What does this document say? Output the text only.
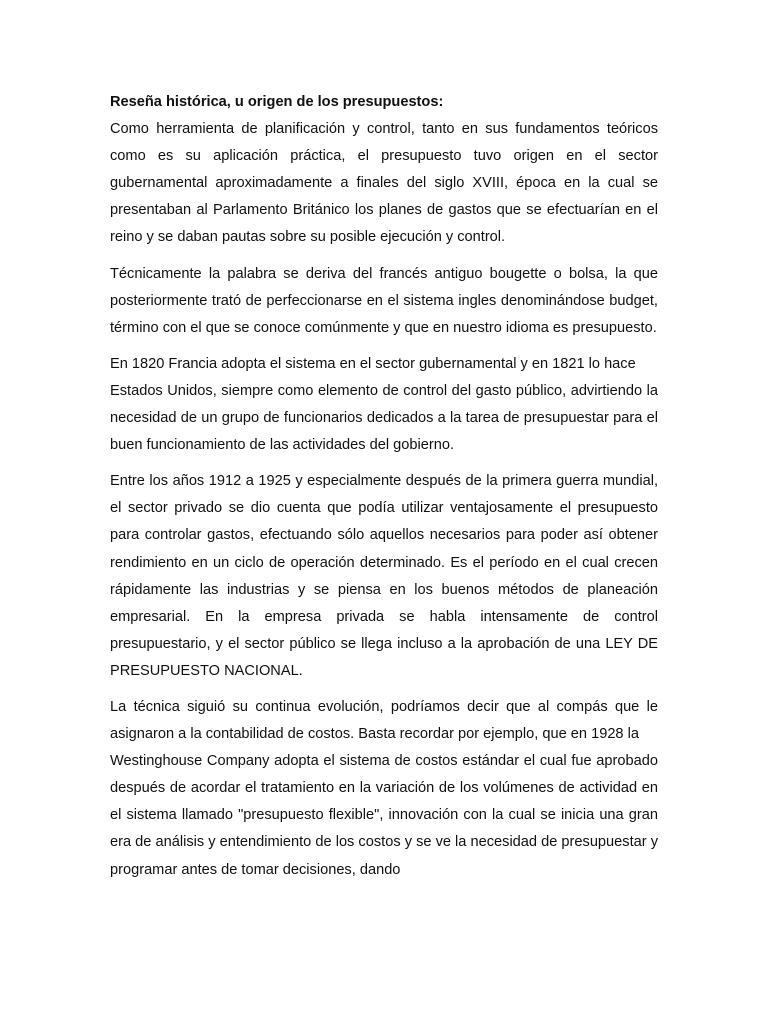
Reseña histórica, u origen de los presupuestos:

Como herramienta de planificación y control, tanto en sus fundamentos teóricos como es su aplicación práctica, el presupuesto tuvo origen en el sector gubernamental aproximadamente a finales del siglo XVIII, época en la cual se presentaban al Parlamento Británico los planes de gastos que se efectuarían en el reino y se daban pautas sobre su posible ejecución y control.

Técnicamente la palabra se deriva del francés antiguo bougette o bolsa, la que posteriormente trató de perfeccionarse en el sistema ingles denominándose budget, término con el que se conoce comúnmente y que en nuestro idioma es presupuesto.

En 1820 Francia adopta el sistema en el sector gubernamental y en 1821 lo hace
Estados Unidos, siempre como elemento de control del gasto público, advirtiendo la necesidad de un grupo de funcionarios dedicados a la tarea de presupuestar para el buen funcionamiento de las actividades del gobierno.

Entre los años 1912 a 1925 y especialmente después de la primera guerra mundial, el sector privado se dio cuenta que podía utilizar ventajosamente el presupuesto para controlar gastos, efectuando sólo aquellos necesarios para poder así obtener rendimiento en un ciclo de operación determinado. Es el período en el cual crecen rápidamente las industrias y se piensa en los buenos métodos de planeación empresarial. En la empresa privada se habla intensamente de control presupuestario, y el sector público se llega incluso a la aprobación de una LEY DE PRESUPUESTO NACIONAL.

La técnica siguió su continua evolución, podríamos decir que al compás que le asignaron a la contabilidad de costos. Basta recordar por ejemplo, que en 1928 la
Westinghouse Company adopta el sistema de costos estándar el cual fue aprobado después de acordar el tratamiento en la variación de los volúmenes de actividad en el sistema llamado "presupuesto flexible", innovación con la cual se inicia una gran era de análisis y entendimiento de los costos y se ve la necesidad de presupuestar y programar antes de tomar decisiones, dando
